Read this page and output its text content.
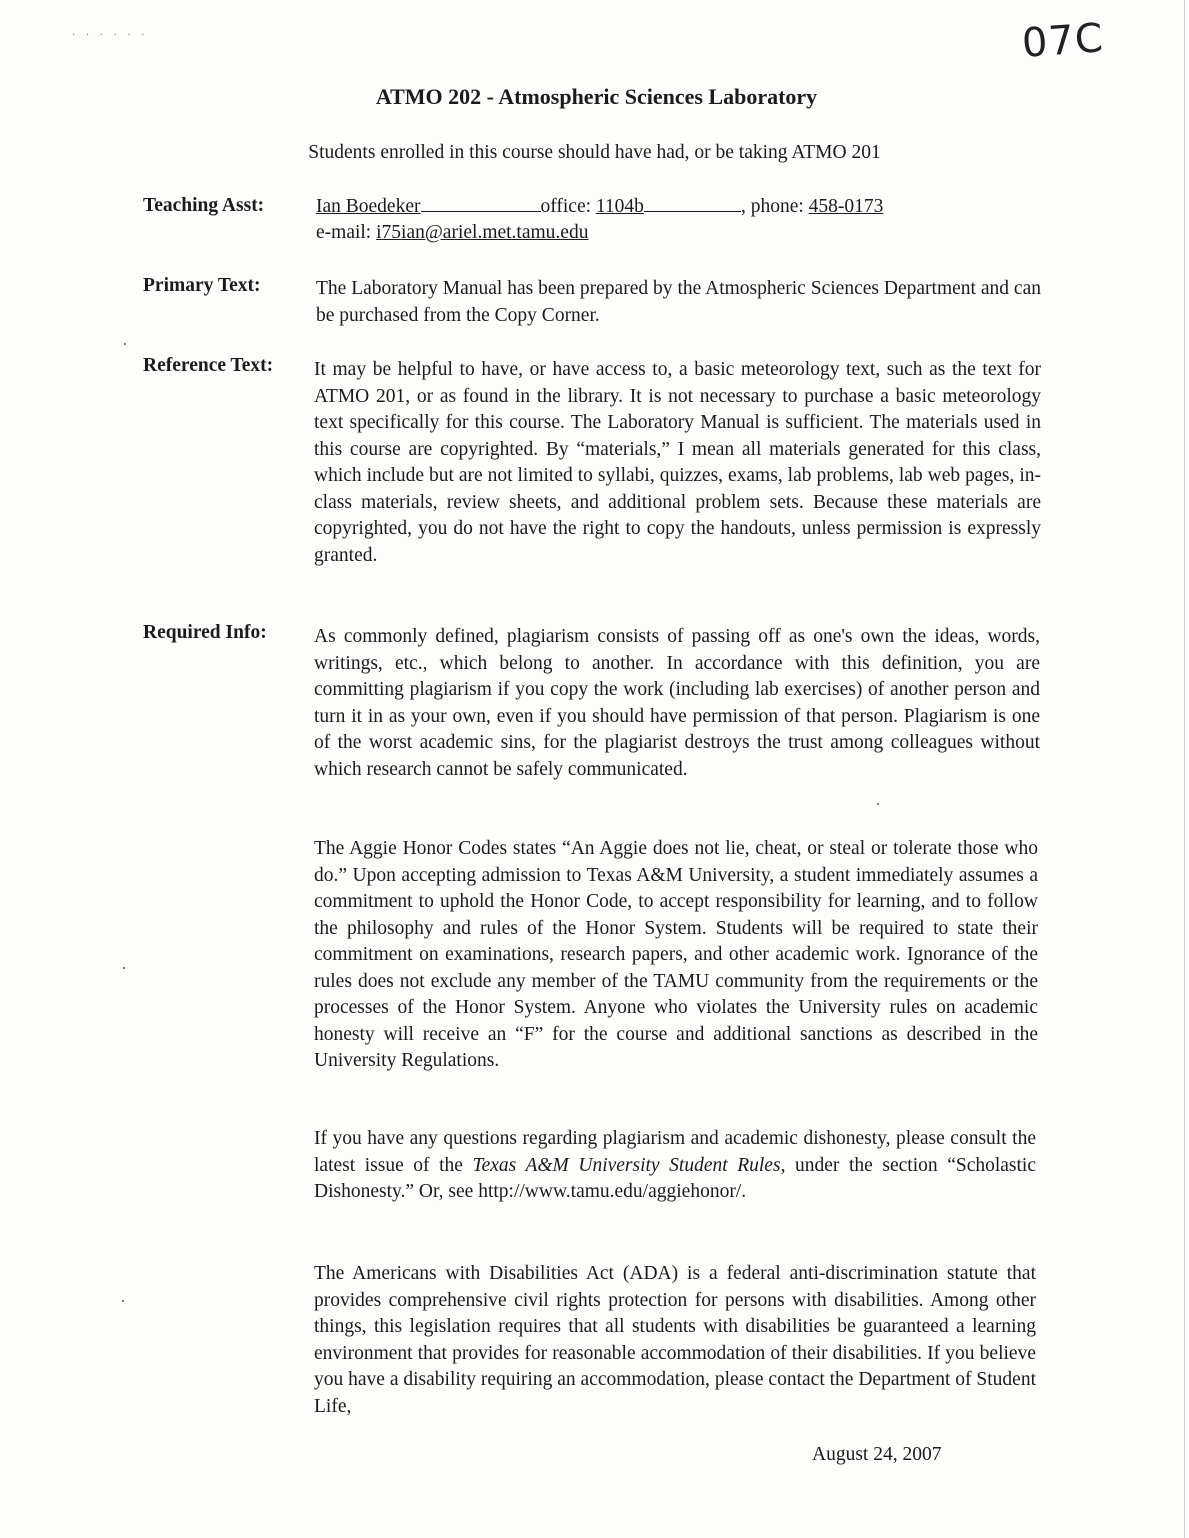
· · · · · ·	07C
ATMO 202 - Atmospheric Sciences Laboratory
Students enrolled in this course should have had, or be taking ATMO 201
Teaching Asst:	Ian Boedeker	office: 1104b	, phone: 458-0173
e-mail: i75ian@ariel.met.tamu.edu
Primary Text:	The Laboratory Manual has been prepared by the Atmospheric Sciences Department and can be purchased from the Copy Corner.
Reference Text: It may be helpful to have, or have access to, a basic meteorology text, such as the text for ATMO 201, or as found in the library. It is not necessary to purchase a basic meteorology text specifically for this course. The Laboratory Manual is sufficient. The materials used in this course are copyrighted. By “materials,” I mean all materials generated for this class, which include but are not limited to syllabi, quizzes, exams, lab problems, lab web pages, in-class materials, review sheets, and additional problem sets. Because these materials are copyrighted, you do not have the right to copy the handouts, unless permission is expressly granted.
Required Info: As commonly defined, plagiarism consists of passing off as one's own the ideas, words, writings, etc., which belong to another. In accordance with this definition, you are committing plagiarism if you copy the work (including lab exercises) of another person and turn it in as your own, even if you should have permission of that person. Plagiarism is one of the worst academic sins, for the plagiarist destroys the trust among colleagues without which research cannot be safely communicated.
The Aggie Honor Codes states “An Aggie does not lie, cheat, or steal or tolerate those who do.” Upon accepting admission to Texas A&M University, a student immediately assumes a commitment to uphold the Honor Code, to accept responsibility for learning, and to follow the philosophy and rules of the Honor System. Students will be required to state their commitment on examinations, research papers, and other academic work. Ignorance of the rules does not exclude any member of the TAMU community from the requirements or the processes of the Honor System. Anyone who violates the University rules on academic honesty will receive an “F” for the course and additional sanctions as described in the University Regulations.
If you have any questions regarding plagiarism and academic dishonesty, please consult the latest issue of the Texas A&M University Student Rules, under the section “Scholastic Dishonesty.” Or, see http://www.tamu.edu/aggiehonor/.
The Americans with Disabilities Act (ADA) is a federal anti-discrimination statute that provides comprehensive civil rights protection for persons with disabilities. Among other things, this legislation requires that all students with disabilities be guaranteed a learning environment that provides for reasonable accommodation of their disabilities. If you believe you have a disability requiring an accommodation, please contact the Department of Student Life,
August 24, 2007
